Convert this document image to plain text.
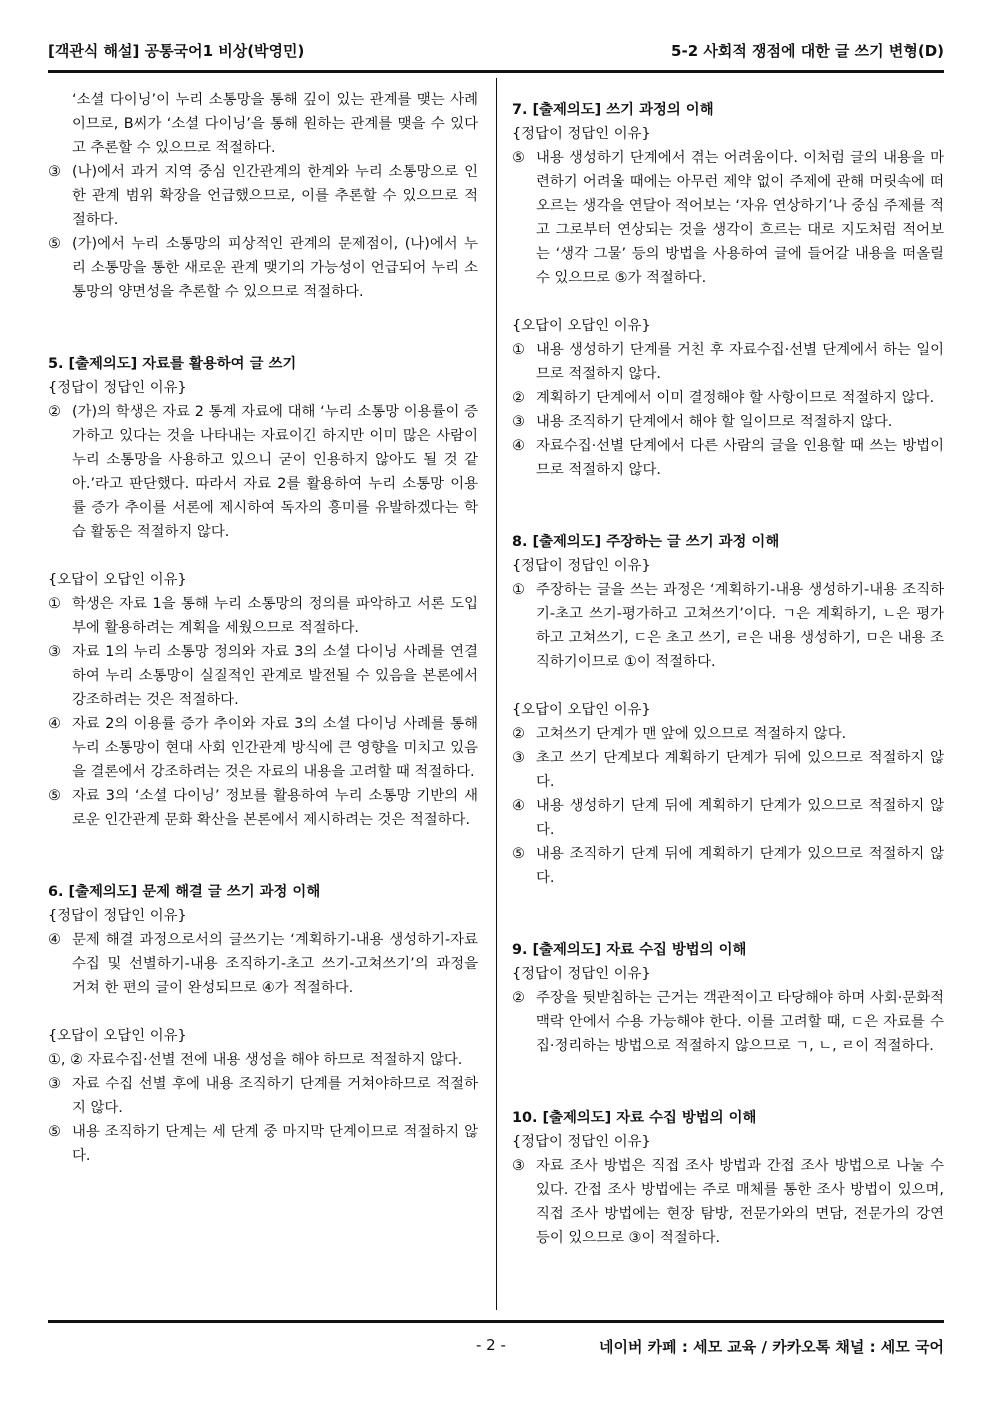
[객관식 해설] 공통국어1 비상(박영민)	5-2 사회적 쟁점에 대한 글 쓰기 변형(D)

‘소셜 다이닝’이 누리 소통망을 통해 깊이 있는 관계를 맺는 사례이므로, B씨가 ‘소셜 다이닝’을 통해 원하는 관계를 맺을 수 있다고 추론할 수 있으므로 적절하다.

③ (나)에서 과거 지역 중심 인간관계의 한계와 누리 소통망으로 인한 관계 범위 확장을 언급했으므로, 이를 추론할 수 있으므로 적절하다.

⑤ (가)에서 누리 소통망의 피상적인 관계의 문제점이, (나)에서 누리 소통망을 통한 새로운 관계 맺기의 가능성이 언급되어 누리 소통망의 양면성을 추론할 수 있으므로 적절하다.

5. [출제의도] 자료를 활용하여 글 쓰기

{정답이 정답인 이유}

② (가)의 학생은 자료 2 통계 자료에 대해 ‘누리 소통망 이용률이 증가하고 있다는 것을 나타내는 자료이긴 하지만 이미 많은 사람이 누리 소통망을 사용하고 있으니 굳이 인용하지 않아도 될 것 같아.’라고 판단했다. 따라서 자료 2를 활용하여 누리 소통망 이용률 증가 추이를 서론에 제시하여 독자의 흥미를 유발하겠다는 학습 활동은 적절하지 않다.

{오답이 오답인 이유}

① 학생은 자료 1을 통해 누리 소통망의 정의를 파악하고 서론 도입부에 활용하려는 계획을 세웠으므로 적절하다.

③ 자료 1의 누리 소통망 정의와 자료 3의 소셜 다이닝 사례를 연결하여 누리 소통망이 실질적인 관계로 발전될 수 있음을 본론에서 강조하려는 것은 적절하다.

④ 자료 2의 이용률 증가 추이와 자료 3의 소셜 다이닝 사례를 통해 누리 소통망이 현대 사회 인간관계 방식에 큰 영향을 미치고 있음을 결론에서 강조하려는 것은 자료의 내용을 고려할 때 적절하다.

⑤ 자료 3의 ‘소셜 다이닝’ 정보를 활용하여 누리 소통망 기반의 새로운 인간관계 문화 확산을 본론에서 제시하려는 것은 적절하다.

6. [출제의도] 문제 해결 글 쓰기 과정 이해

{정답이 정답인 이유}

④ 문제 해결 과정으로서의 글쓰기는 ‘계획하기-내용 생성하기-자료 수집 및 선별하기-내용 조직하기-초고 쓰기-고쳐쓰기’의 과정을 거쳐 한 편의 글이 완성되므로 ④가 적절하다.

{오답이 오답인 이유}

①, ② 자료수집·선별 전에 내용 생성을 해야 하므로 적절하지 않다.

③ 자료 수집 선별 후에 내용 조직하기 단계를 거쳐야하므로 적절하지 않다.

⑤ 내용 조직하기 단계는 세 단계 중 마지막 단계이므로 적절하지 않다.

7. [출제의도] 쓰기 과정의 이해

{정답이 정답인 이유}

⑤ 내용 생성하기 단계에서 겪는 어려움이다. 이처럼 글의 내용을 마련하기 어려울 때에는 아무런 제약 없이 주제에 관해 머릿속에 떠오르는 생각을 연달아 적어보는 ‘자유 연상하기’나 중심 주제를 적고 그로부터 연상되는 것을 생각이 흐르는 대로 지도처럼 적어보는 ‘생각 그물’ 등의 방법을 사용하여 글에 들어갈 내용을 떠올릴 수 있으므로 ⑤가 적절하다.

{오답이 오답인 이유}

① 내용 생성하기 단계를 거친 후 자료수집·선별 단계에서 하는 일이므로 적절하지 않다.

② 계획하기 단계에서 이미 결정해야 할 사항이므로 적절하지 않다.

③ 내용 조직하기 단계에서 해야 할 일이므로 적절하지 않다.

④ 자료수집·선별 단계에서 다른 사람의 글을 인용할 때 쓰는 방법이므로 적절하지 않다.

8. [출제의도] 주장하는 글 쓰기 과정 이해

{정답이 정답인 이유}

① 주장하는 글을 쓰는 과정은 ‘계획하기-내용 생성하기-내용 조직하기-초고 쓰기-평가하고 고쳐쓰기’이다. ㄱ은 계획하기, ㄴ은 평가하고 고쳐쓰기, ㄷ은 초고 쓰기, ㄹ은 내용 생성하기, ㅁ은 내용 조직하기이므로 ①이 적절하다.

{오답이 오답인 이유}

② 고쳐쓰기 단계가 맨 앞에 있으므로 적절하지 않다.

③ 초고 쓰기 단계보다 계획하기 단계가 뒤에 있으므로 적절하지 않다.

④ 내용 생성하기 단계 뒤에 계획하기 단계가 있으므로 적절하지 않다.

⑤ 내용 조직하기 단계 뒤에 계획하기 단계가 있으므로 적절하지 않다.

9. [출제의도] 자료 수집 방법의 이해

{정답이 정답인 이유}

② 주장을 뒷받침하는 근거는 객관적이고 타당해야 하며 사회·문화적 맥락 안에서 수용 가능해야 한다. 이를 고려할 때, ㄷ은 자료를 수집·정리하는 방법으로 적절하지 않으므로 ㄱ, ㄴ, ㄹ이 적절하다.

10. [출제의도] 자료 수집 방법의 이해

{정답이 정답인 이유}

③ 자료 조사 방법은 직접 조사 방법과 간접 조사 방법으로 나눌 수 있다. 간접 조사 방법에는 주로 매체를 통한 조사 방법이 있으며, 직접 조사 방법에는 현장 탐방, 전문가와의 면담, 전문가의 강연 등이 있으므로 ③이 적절하다.

- 2 -	네이버 카페 : 세모 교육 / 카카오톡 채널 : 세모 국어
